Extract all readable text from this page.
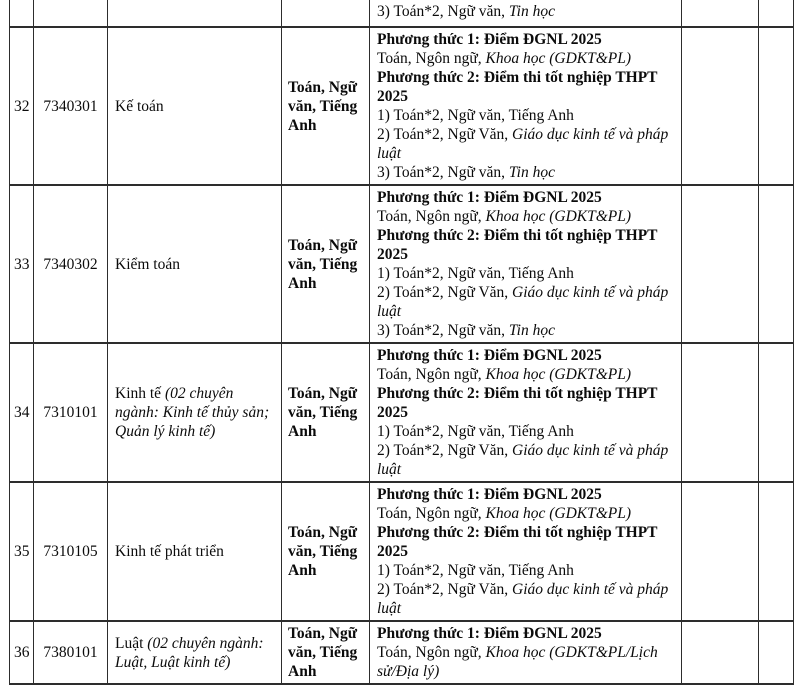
				3) Toán*2, Ngữ văn, Tin học		

32	7340301	Kế toán	Toán, Ngữ văn, Tiếng Anh	
Phương thức 1: Điểm ĐGNL 2025
Toán, Ngôn ngữ, Khoa học (GDKT&PL)
Phương thức 2: Điểm thi tốt nghiệp THPT 2025
1) Toán*2, Ngữ văn, Tiếng Anh
2) Toán*2, Ngữ Văn, Giáo dục kinh tế và pháp luật
3) Toán*2, Ngữ văn, Tin học

33	7340302	Kiểm toán	Toán, Ngữ văn, Tiếng Anh	
Phương thức 1: Điểm ĐGNL 2025
Toán, Ngôn ngữ, Khoa học (GDKT&PL)
Phương thức 2: Điểm thi tốt nghiệp THPT 2025
1) Toán*2, Ngữ văn, Tiếng Anh
2) Toán*2, Ngữ Văn, Giáo dục kinh tế và pháp luật
3) Toán*2, Ngữ văn, Tin học

34	7310101	Kinh tế (02 chuyên ngành: Kinh tế thủy sản; Quản lý kinh tế)	Toán, Ngữ văn, Tiếng Anh	Phương thức 1: Điểm ĐGNL 2025
Toán, Ngôn ngữ, Khoa học (GDKT&PL)
Phương thức 2: Điểm thi tốt nghiệp THPT 2025
1) Toán*2, Ngữ văn, Tiếng Anh
2) Toán*2, Ngữ Văn, Giáo dục kinh tế và pháp luật		

35	7310105	Kinh tế phát triển	Toán, Ngữ văn, Tiếng Anh	Phương thức 1: Điểm ĐGNL 2025
Toán, Ngôn ngữ, Khoa học (GDKT&PL)
Phương thức 2: Điểm thi tốt nghiệp THPT 2025
1) Toán*2, Ngữ văn, Tiếng Anh
2) Toán*2, Ngữ Văn, Giáo dục kinh tế và pháp luật		

36	7380101	Luật (02 chuyên ngành: Luật, Luật kinh tế)	Toán, Ngữ văn, Tiếng Anh	Phương thức 1: Điểm ĐGNL 2025
Toán, Ngôn ngữ, Khoa học (GDKT&PL/Lịch sử/Địa lý)		
